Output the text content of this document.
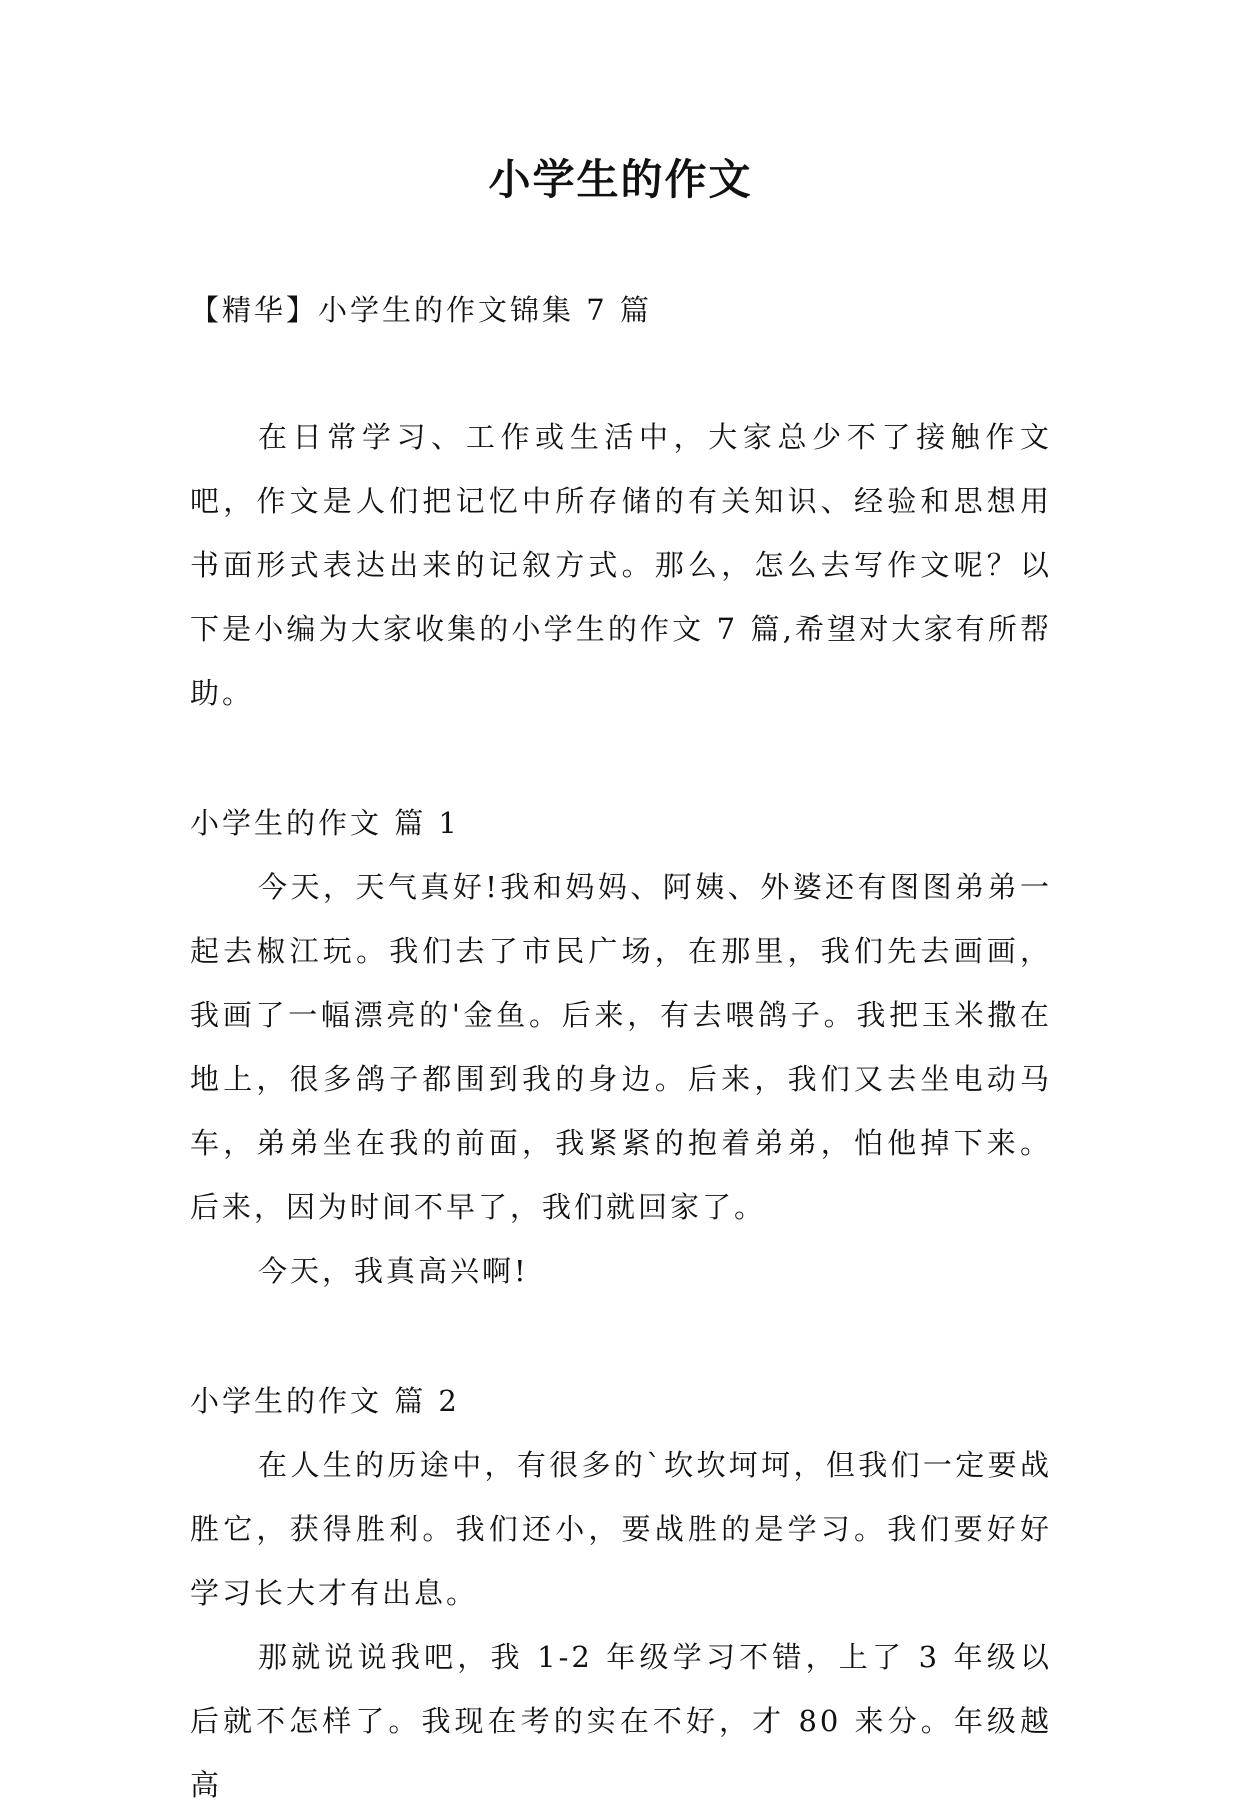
小学生的作文
【精华】小学生的作文锦集 7 篇

在日常学习、工作或生活中，大家总少不了接触作文吧，作文是人们把记忆中所存储的有关知识、经验和思想用书面形式表达出来的记叙方式。那么，怎么去写作文呢？以下是小编为大家收集的小学生的作文 7 篇,希望对大家有所帮助。

小学生的作文 篇 1

今天，天气真好!我和妈妈、阿姨、外婆还有图图弟弟一起去椒江玩。我们去了市民广场，在那里，我们先去画画，我画了一幅漂亮的'金鱼。后来，有去喂鸽子。我把玉米撒在地上，很多鸽子都围到我的身边。后来，我们又去坐电动马车，弟弟坐在我的前面，我紧紧的抱着弟弟，怕他掉下来。后来，因为时间不早了，我们就回家了。

今天，我真高兴啊!

小学生的作文 篇 2

在人生的历途中，有很多的`坎坎坷坷，但我们一定要战胜它，获得胜利。我们还小，要战胜的是学习。我们要好好学习长大才有出息。

那就说说我吧，我 1-2 年级学习不错，上了 3 年级以后就不怎样了。我现在考的实在不好，才 80 来分。年级越高
